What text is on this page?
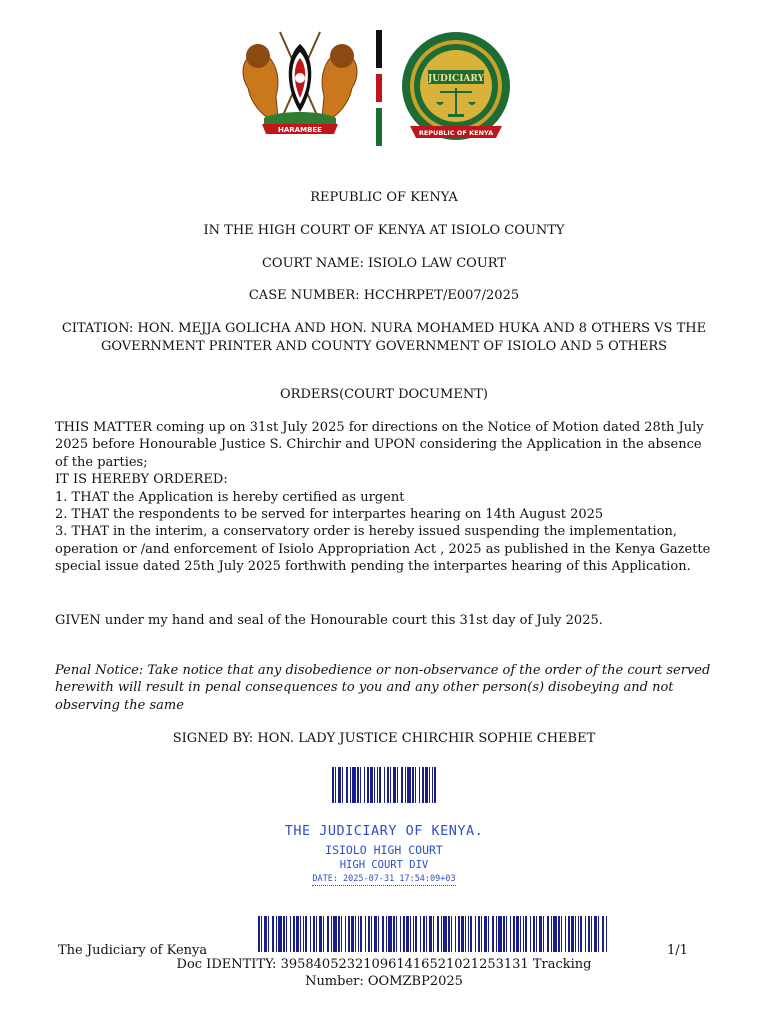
HARAMBEE
JUDICIARY
REPUBLIC OF KENYA
REPUBLIC OF KENYA
IN THE HIGH COURT OF KENYA AT ISIOLO COUNTY
COURT NAME: ISIOLO LAW COURT
CASE NUMBER: HCCHRPET/E007/2025
CITATION: HON. MEJJA GOLICHA AND HON. NURA MOHAMED HUKA AND 8 OTHERS VS THE
GOVERNMENT PRINTER AND COUNTY GOVERNMENT OF ISIOLO AND 5 OTHERS
ORDERS(COURT DOCUMENT)
THIS MATTER coming up on 31st July 2025 for directions on the Notice of Motion dated 28th July
2025 before Honourable Justice S. Chirchir and UPON considering the Application in the absence
of the parties;
IT IS HEREBY ORDERED:
1. THAT the Application is hereby certified as urgent
2. THAT the respondents to be served for interpartes hearing on 14th August 2025
3. THAT in the interim, a conservatory order is hereby issued suspending the implementation,
operation or /and enforcement of Isiolo Appropriation Act , 2025 as published in the Kenya Gazette
special issue dated 25th July 2025 forthwith pending the interpartes hearing of this Application.
GIVEN under my hand and seal of the Honourable court this 31st day of July 2025.
Penal Notice: Take notice that any disobedience or non-observance of the order of the court served
herewith will result in penal consequences to you and any other person(s) disobeying and not
observing the same
SIGNED BY: HON. LADY JUSTICE CHIRCHIR SOPHIE CHEBET
THE JUDICIARY OF KENYA.
ISIOLO HIGH COURT
HIGH COURT DIV
DATE: 2025-07-31 17:54:09+03
The Judiciary of Kenya	1/1
Doc IDENTITY: 3958405232109614165210212531​31 Tracking
Number: OOMZBP2025
